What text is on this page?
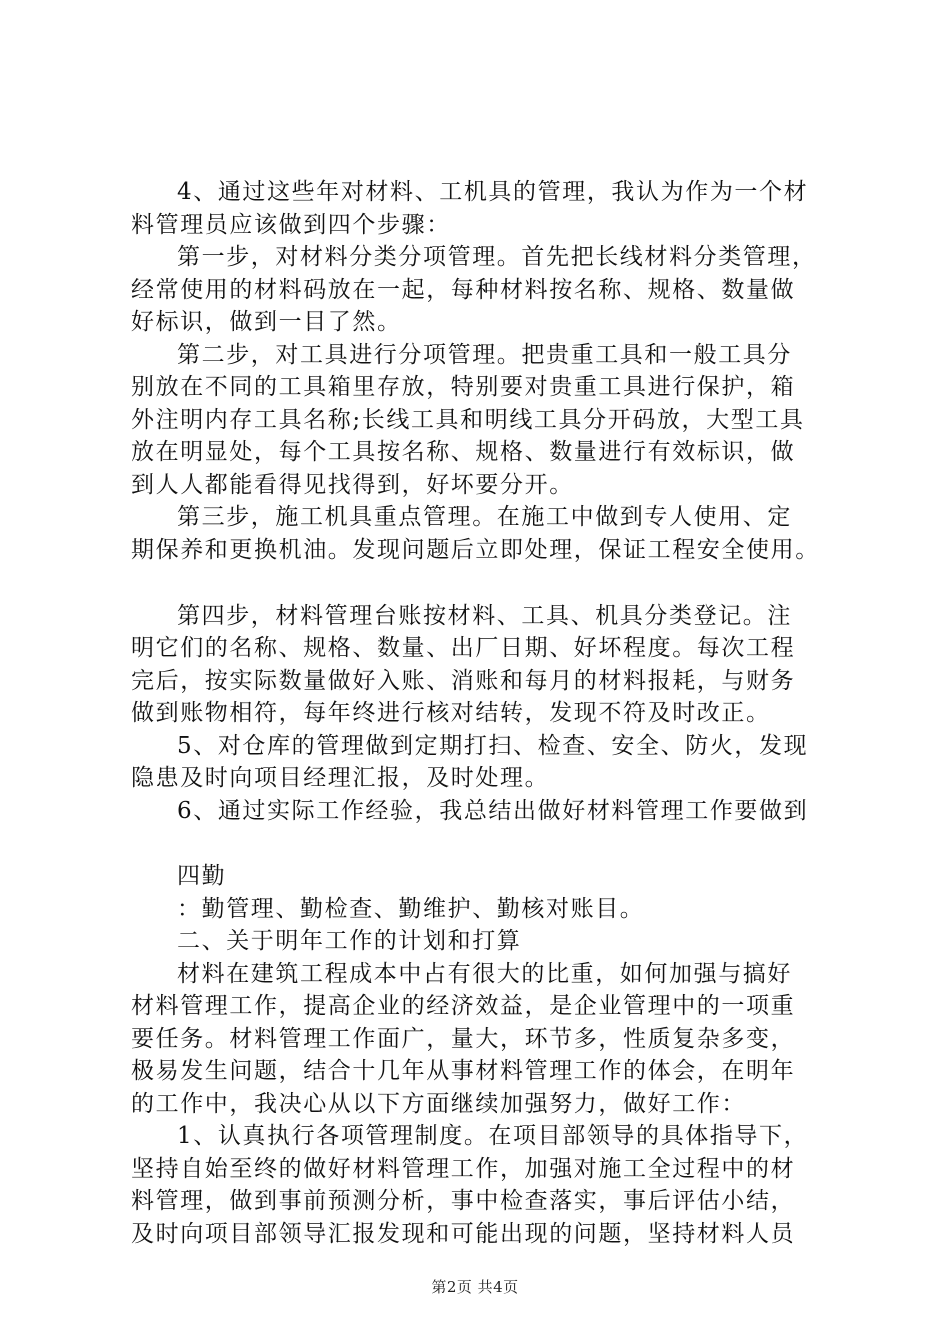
4、通过这些年对材料、工机具的管理，我认为作为一个材
料管理员应该做到四个步骤：
第一步，对材料分类分项管理。首先把长线材料分类管理，
经常使用的材料码放在一起，每种材料按名称、规格、数量做
好标识，做到一目了然。
第二步，对工具进行分项管理。把贵重工具和一般工具分
别放在不同的工具箱里存放，特别要对贵重工具进行保护，箱
外注明内存工具名称;长线工具和明线工具分开码放，大型工具
放在明显处，每个工具按名称、规格、数量进行有效标识，做
到人人都能看得见找得到，好坏要分开。
第三步，施工机具重点管理。在施工中做到专人使用、定
期保养和更换机油。发现问题后立即处理，保证工程安全使用。
第四步，材料管理台账按材料、工具、机具分类登记。注
明它们的名称、规格、数量、出厂日期、好坏程度。每次工程
完后，按实际数量做好入账、消账和每月的材料报耗，与财务
做到账物相符，每年终进行核对结转，发现不符及时改正。
5、对仓库的管理做到定期打扫、检查、安全、防火，发现
隐患及时向项目经理汇报，及时处理。
6、通过实际工作经验，我总结出做好材料管理工作要做到
四勤
：勤管理、勤检查、勤维护、勤核对账目。
二、关于明年工作的计划和打算
材料在建筑工程成本中占有很大的比重，如何加强与搞好
材料管理工作，提高企业的经济效益，是企业管理中的一项重
要任务。材料管理工作面广，量大，环节多，性质复杂多变，
极易发生问题，结合十几年从事材料管理工作的体会，在明年
的工作中，我决心从以下方面继续加强努力，做好工作：
1、认真执行各项管理制度。在项目部领导的具体指导下，
坚持自始至终的做好材料管理工作，加强对施工全过程中的材
料管理，做到事前预测分析，事中检查落实，事后评估小结，
及时向项目部领导汇报发现和可能出现的问题，坚持材料人员
第2页 共4页
